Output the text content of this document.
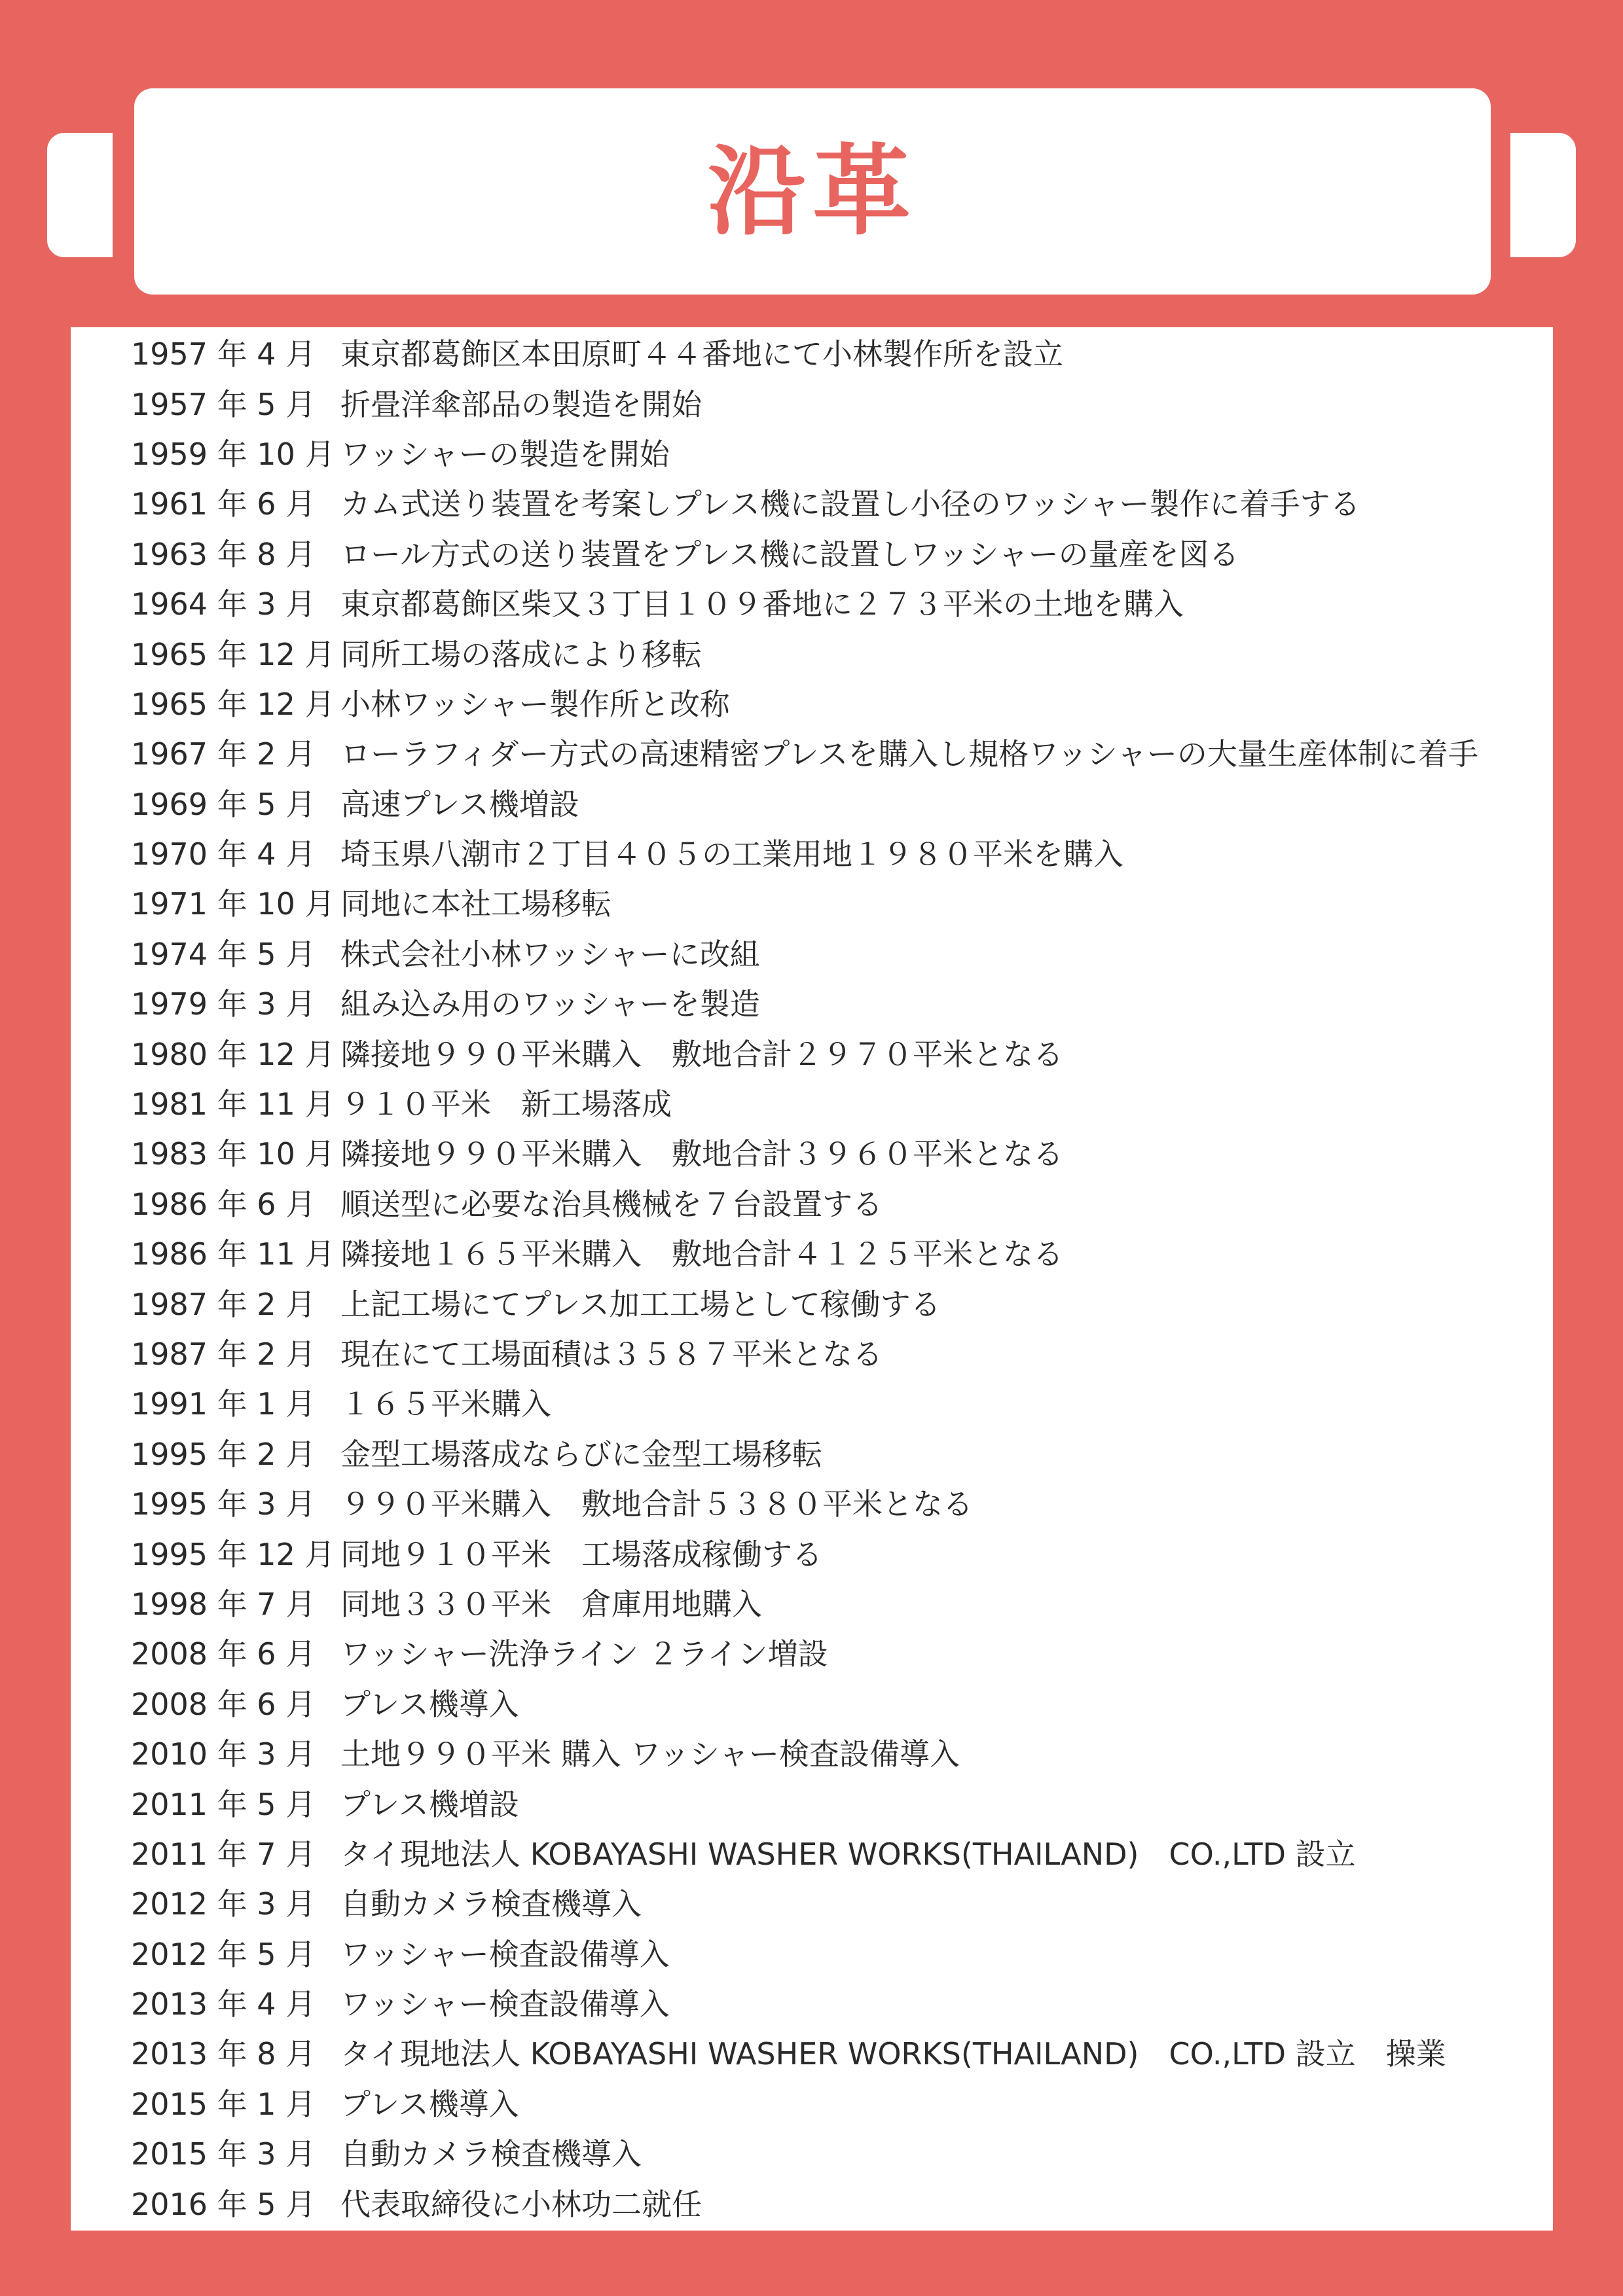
沿革
1957 年 4 月 東京都葛飾区本田原町４４番地にて小林製作所を設立
1957 年 5 月 折畳洋傘部品の製造を開始
1959 年 10 月 ワッシャーの製造を開始
1961 年 6 月 カム式送り装置を考案しプレス機に設置し小径のワッシャー製作に着手する
1963 年 8 月 ロール方式の送り装置をプレス機に設置しワッシャーの量産を図る
1964 年 3 月 東京都葛飾区柴又３丁目１０９番地に２７３平米の土地を購入
1965 年 12 月 同所工場の落成により移転
1965 年 12 月 小林ワッシャー製作所と改称
1967 年 2 月 ローラフィダー方式の高速精密プレスを購入し規格ワッシャーの大量生産体制に着手
1969 年 5 月 高速プレス機増設
1970 年 4 月 埼玉県八潮市２丁目４０５の工業用地１９８０平米を購入
1971 年 10 月 同地に本社工場移転
1974 年 5 月 株式会社小林ワッシャーに改組
1979 年 3 月 組み込み用のワッシャーを製造
1980 年 12 月 隣接地９９０平米購入　敷地合計２９７０平米となる
1981 年 11 月 ９１０平米　新工場落成
1983 年 10 月 隣接地９９０平米購入　敷地合計３９６０平米となる
1986 年 6 月 順送型に必要な治具機械を７台設置する
1986 年 11 月 隣接地１６５平米購入　敷地合計４１２５平米となる
1987 年 2 月 上記工場にてプレス加工工場として稼働する
1987 年 2 月 現在にて工場面積は３５８７平米となる
1991 年 1 月 １６５平米購入
1995 年 2 月 金型工場落成ならびに金型工場移転
1995 年 3 月 ９９０平米購入　敷地合計５３８０平米となる
1995 年 12 月 同地９１０平米　工場落成稼働する
1998 年 7 月 同地３３０平米　倉庫用地購入
2008 年 6 月 ワッシャー洗浄ライン ２ライン増設
2008 年 6 月 プレス機導入
2010 年 3 月 土地９９０平米 購入 ワッシャー検査設備導入
2011 年 5 月 プレス機増設
2011 年 7 月 タイ現地法人 KOBAYASHI WASHER WORKS(THAILAND)　CO.,LTD 設立
2012 年 3 月 自動カメラ検査機導入
2012 年 5 月 ワッシャー検査設備導入
2013 年 4 月 ワッシャー検査設備導入
2013 年 8 月 タイ現地法人 KOBAYASHI WASHER WORKS(THAILAND)　CO.,LTD 設立　操業
2015 年 1 月 プレス機導入
2015 年 3 月 自動カメラ検査機導入
2016 年 5 月 代表取締役に小林功二就任
